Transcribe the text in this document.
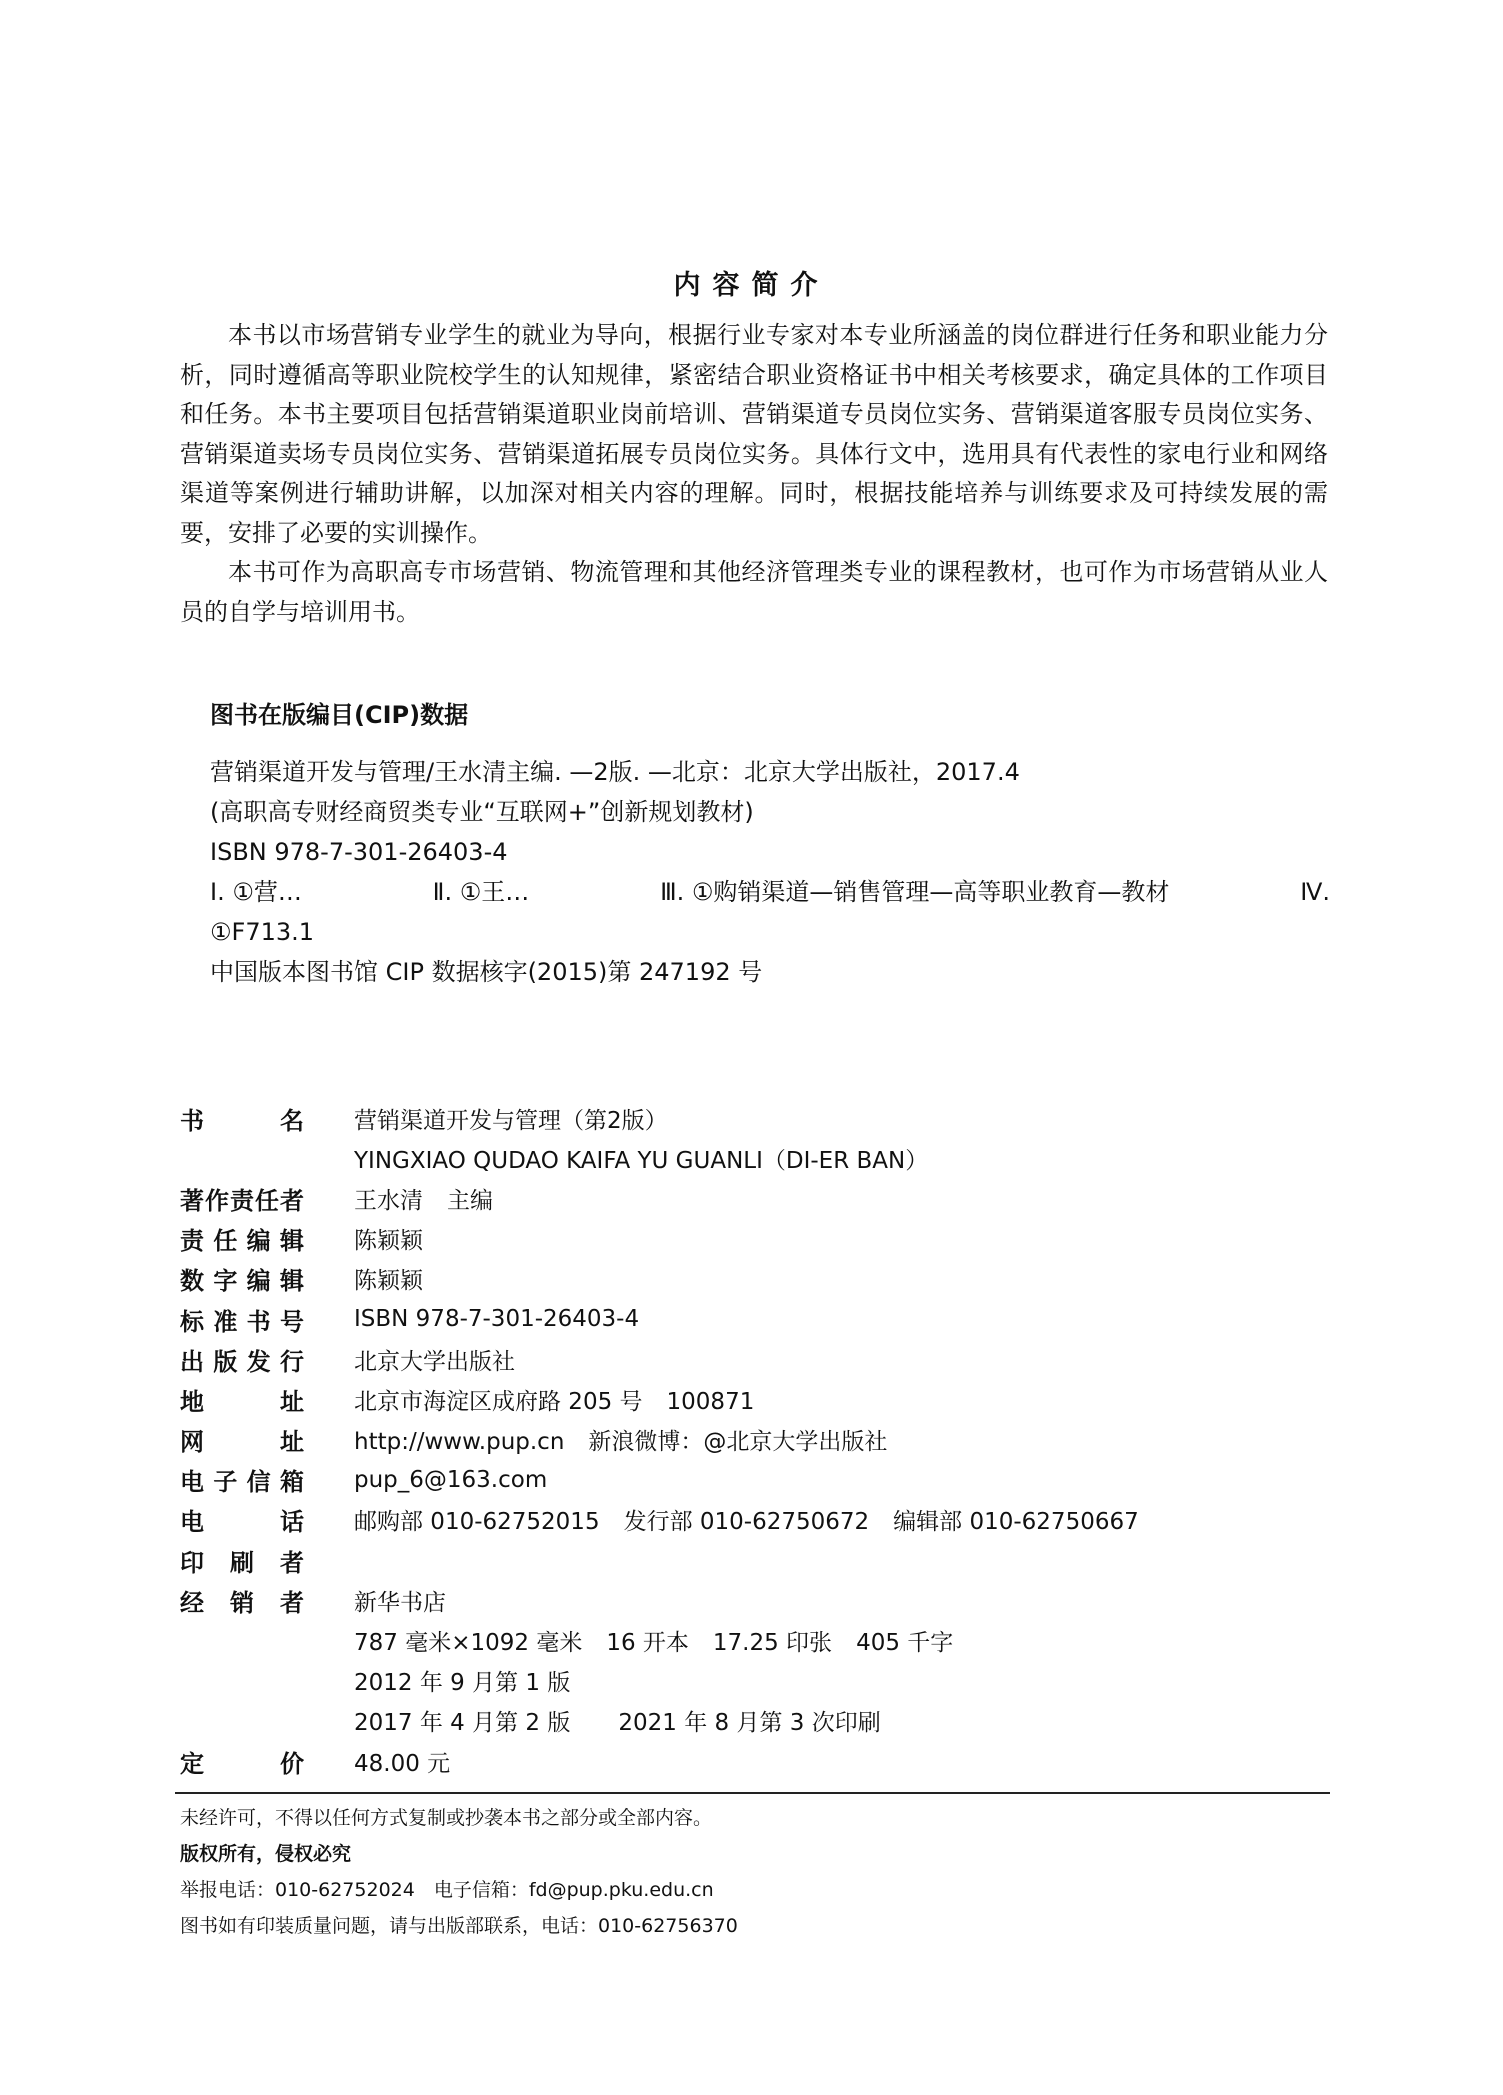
内容简介

本书以市场营销专业学生的就业为导向，根据行业专家对本专业所涵盖的岗位群进行任务和职业能力分析，同时遵循高等职业院校学生的认知规律，紧密结合职业资格证书中相关考核要求，确定具体的工作项目和任务。本书主要项目包括营销渠道职业岗前培训、营销渠道专员岗位实务、营销渠道客服专员岗位实务、营销渠道卖场专员岗位实务、营销渠道拓展专员岗位实务。具体行文中，选用具有代表性的家电行业和网络渠道等案例进行辅助讲解，以加深对相关内容的理解。同时，根据技能培养与训练要求及可持续发展的需要，安排了必要的实训操作。

本书可作为高职高专市场营销、物流管理和其他经济管理类专业的课程教材，也可作为市场营销从业人员的自学与培训用书。

图书在版编目(CIP)数据
营销渠道开发与管理/王水清主编. —2版. —北京：北京大学出版社，2017.4
(高职高专财经商贸类专业“互联网+”创新规划教材)
ISBN 978-7-301-26403-4
Ⅰ. ①营…	Ⅱ. ①王…	Ⅲ. ①购销渠道—销售管理—高等职业教育—教材	Ⅳ.
①F713.1
中国版本图书馆 CIP 数据核字(2015)第 247192 号
书	名 营销渠道开发与管理（第2版）
YINGXIAO QUDAO KAIFA YU GUANLI（DI-ER BAN）
著 作 责 任 者 王水清 主编
责 任 编 辑 陈颖颖
数 字 编 辑 陈颖颖
标 准 书 号 ISBN 978-7-301-26403-4
出 版 发 行 北京大学出版社
地	址 北京市海淀区成府路 205 号 100871
网	址 http://www.pup.cn 新浪微博：@北京大学出版社
电 子 信 箱 pup_6@163.com
电	话 邮购部 010-62752015 发行部 010-62750672 编辑部 010-62750667
印 刷 者
经 销 者 新华书店
787 毫米×1092 毫米 16 开本 17.25 印张 405 千字
2012 年 9 月第 1 版
2017 年 4 月第 2 版 2021 年 8 月第 3 次印刷
定	价 48.00 元
未经许可，不得以任何方式复制或抄袭本书之部分或全部内容。
版权所有，侵权必究
举报电话：010-62752024　电子信箱：fd@pup.pku.edu.cn
图书如有印装质量问题，请与出版部联系，电话：010-62756370
